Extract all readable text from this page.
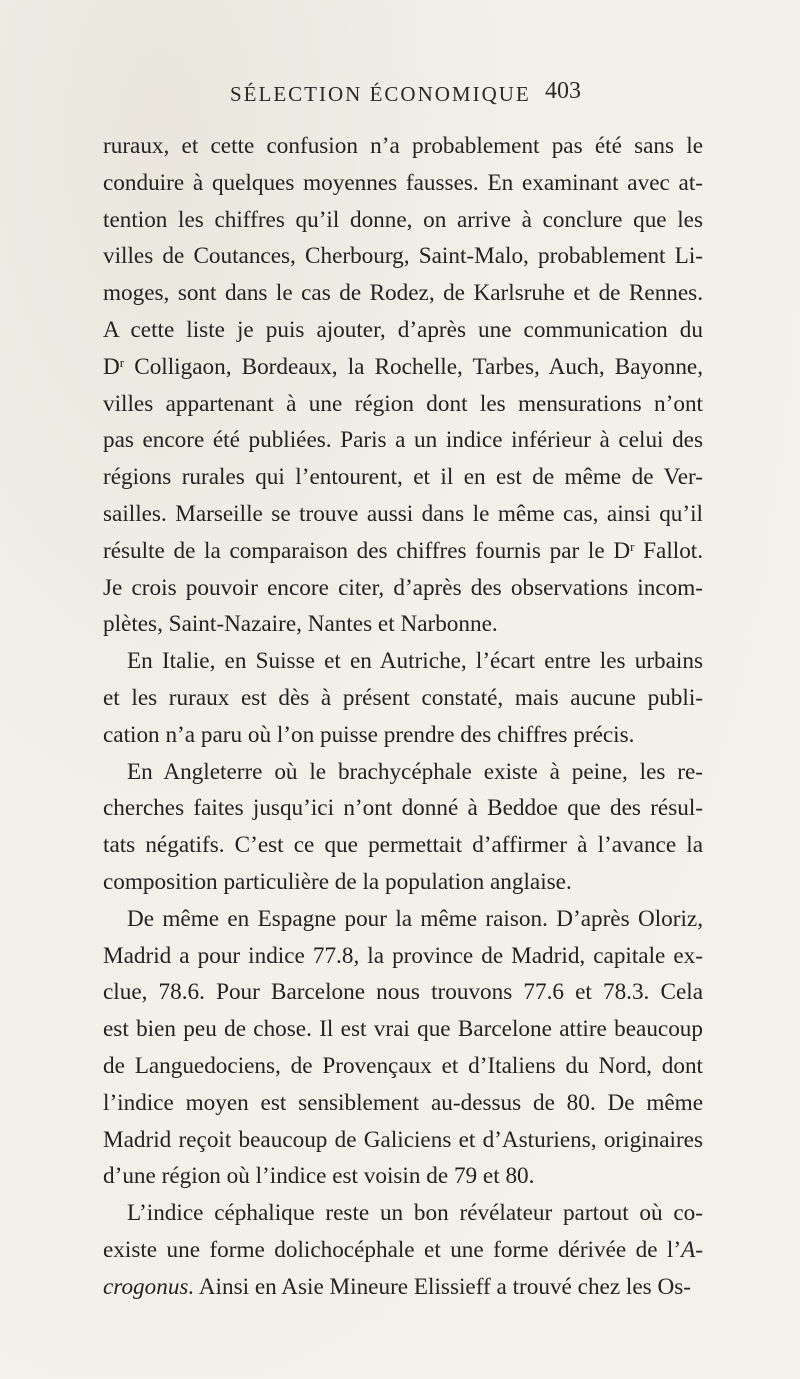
SÉLECTION ÉCONOMIQUE 403
ruraux, et cette confusion n’a probablement pas été sans le
conduire à quelques moyennes fausses. En examinant avec at-
tention les chiffres qu’il donne, on arrive à conclure que les
villes de Coutances, Cherbourg, Saint-Malo, probablement Li-
moges, sont dans le cas de Rodez, de Karlsruhe et de Rennes.
A cette liste je puis ajouter, d’après une communication du
$D^r$ Colligaon, Bordeaux, la Rochelle, Tarbes, Auch, Bayonne,
villes appartenant à une région dont les mensurations n’ont
pas encore été publiées. Paris a un indice inférieur à celui des
régions rurales qui l’entourent, et il en est de même de Ver-
sailles. Marseille se trouve aussi dans le même cas, ainsi qu’il
résulte de la comparaison des chiffres fournis par le $D^r$ Fallot.
Je crois pouvoir encore citer, d’après des observations incom-
plètes, Saint-Nazaire, Nantes et Narbonne.
En Italie, en Suisse et en Autriche, l’écart entre les urbains
et les ruraux est dès à présent constaté, mais aucune publi-
cation n’a paru où l’on puisse prendre des chiffres précis.
En Angleterre où le brachycéphale existe à peine, les re-
cherches faites jusqu’ici n’ont donné à Beddoe que des résul-
tats négatifs. C’est ce que permettait d’affirmer à l’avance la
composition particulière de la population anglaise.
De même en Espagne pour la même raison. D’après Oloriz,
Madrid a pour indice 77.8, la province de Madrid, capitale ex-
clue, 78.6. Pour Barcelone nous trouvons 77.6 et 78.3. Cela
est bien peu de chose. Il est vrai que Barcelone attire beaucoup
de Languedociens, de Provençaux et d’Italiens du Nord, dont
l’indice moyen est sensiblement au-dessus de 80. De même
Madrid reçoit beaucoup de Galiciens et d’Asturiens, originaires
d’une région où l’indice est voisin de 79 et 80.
L’indice céphalique reste un bon révélateur partout où co-
existe une forme dolichocéphale et une forme dérivée de l’A-
crogonus. Ainsi en Asie Mineure Elissieff a trouvé chez les Os-
